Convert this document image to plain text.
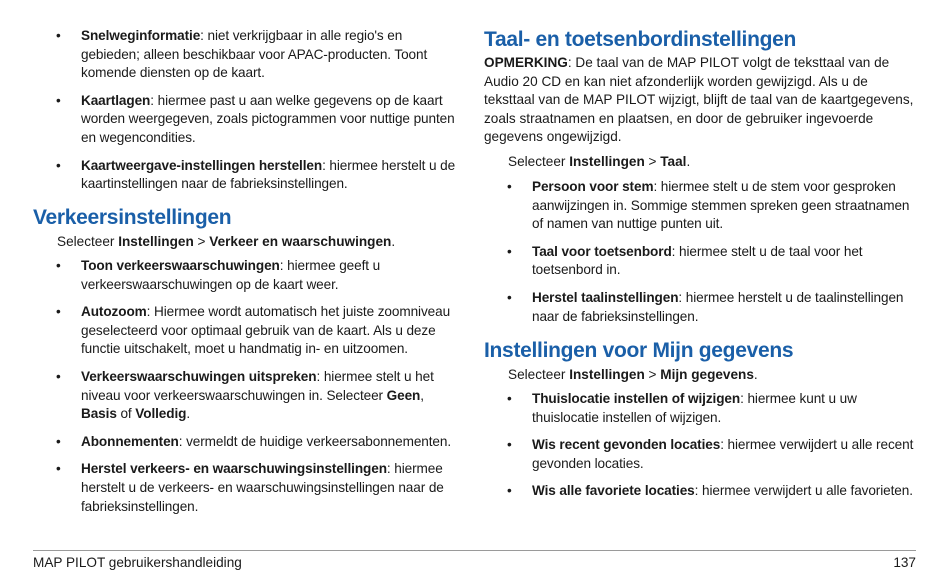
• Snelweginformatie: niet verkrijgbaar in alle regio's en gebieden; alleen beschikbaar voor APAC-producten. Toont komende diensten op de kaart.
• Kaartlagen: hiermee past u aan welke gegevens op de kaart worden weergegeven, zoals pictogrammen voor nuttige punten en wegencondities.
• Kaartweergave-instellingen herstellen: hiermee herstelt u de kaartinstellingen naar de fabrieksinstellingen.
Verkeersinstellingen
Selecteer Instellingen > Verkeer en waarschuwingen.
• Toon verkeerswaarschuwingen: hiermee geeft u verkeerswaarschuwingen op de kaart weer.
• Autozoom: Hiermee wordt automatisch het juiste zoomniveau geselecteerd voor optimaal gebruik van de kaart. Als u deze functie uitschakelt, moet u handmatig in- en uitzoomen.
• Verkeerswaarschuwingen uitspreken: hiermee stelt u het niveau voor verkeerswaarschuwingen in. Selecteer Geen, Basis of Volledig.
• Abonnementen: vermeldt de huidige verkeersabonnementen.
• Herstel verkeers- en waarschuwingsinstellingen: hiermee herstelt u de verkeers- en waarschuwingsinstellingen naar de fabrieksinstellingen.
Taal- en toetsenbordinstellingen
OPMERKING: De taal van de MAP PILOT volgt de teksttaal van de Audio 20 CD en kan niet afzonderlijk worden gewijzigd. Als u de teksttaal van de MAP PILOT wijzigt, blijft de taal van de kaartgegevens, zoals straatnamen en plaatsen, en door de gebruiker ingevoerde gegevens ongewijzigd.
Selecteer Instellingen > Taal.
• Persoon voor stem: hiermee stelt u de stem voor gesproken aanwijzingen in. Sommige stemmen spreken geen straatnamen of namen van nuttige punten uit.
• Taal voor toetsenbord: hiermee stelt u de taal voor het toetsenbord in.
• Herstel taalinstellingen: hiermee herstelt u de taalinstellingen naar de fabrieksinstellingen.
Instellingen voor Mijn gegevens
Selecteer Instellingen > Mijn gegevens.
• Thuislocatie instellen of wijzigen: hiermee kunt u uw thuislocatie instellen of wijzigen.
• Wis recent gevonden locaties: hiermee verwijdert u alle recent gevonden locaties.
• Wis alle favoriete locaties: hiermee verwijdert u alle favorieten.
MAP PILOT gebruikershandleiding	137
